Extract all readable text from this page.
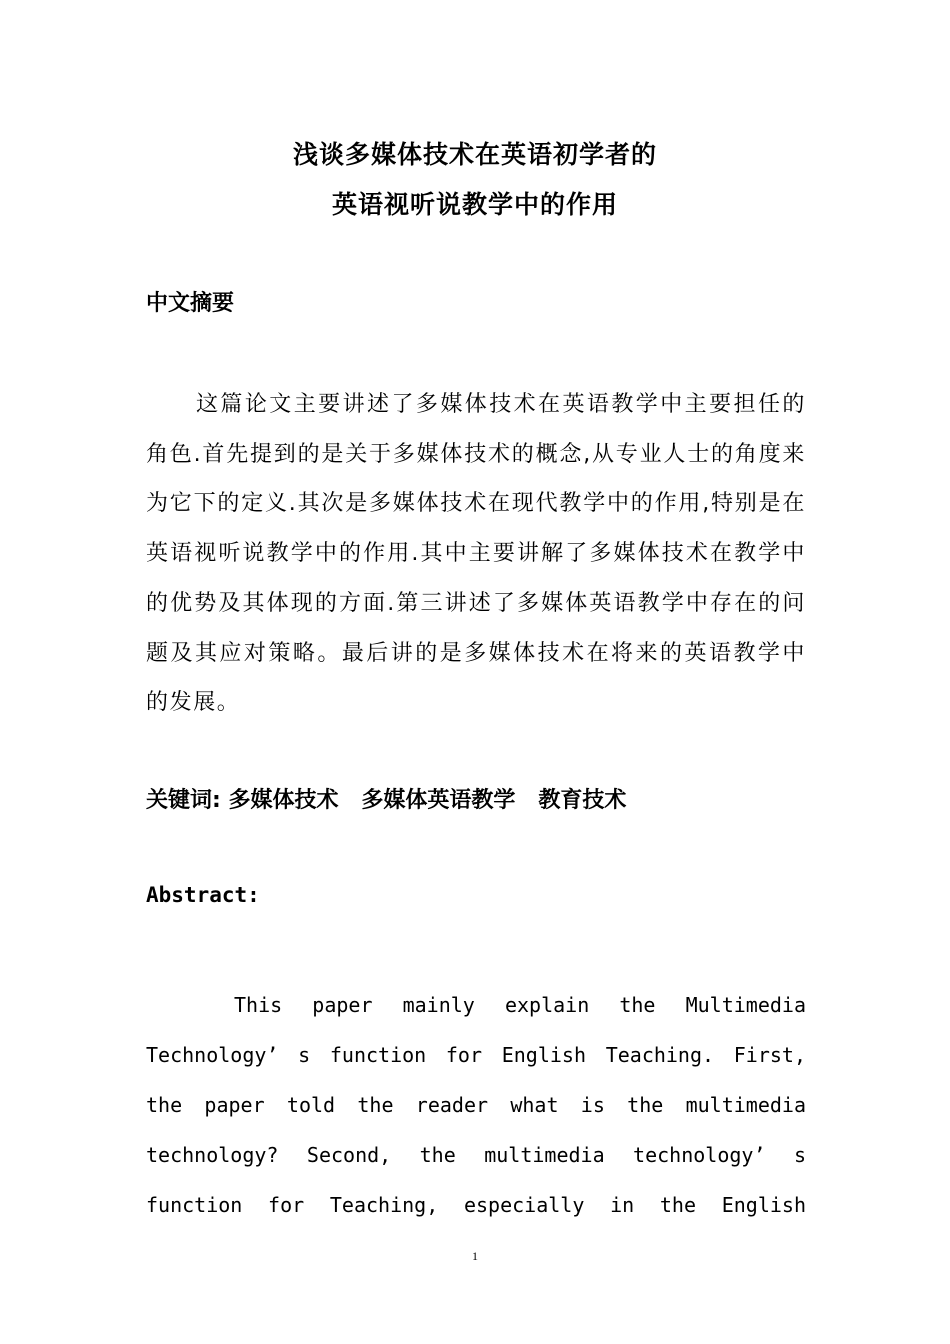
浅谈多媒体技术在英语初学者的
英语视听说教学中的作用
中文摘要
这篇论文主要讲述了多媒体技术在英语教学中主要担任的角色.首先提到的是关于多媒体技术的概念,从专业人士的角度来为它下的定义.其次是多媒体技术在现代教学中的作用,特别是在英语视听说教学中的作用.其中主要讲解了多媒体技术在教学中的优势及其体现的方面.第三讲述了多媒体英语教学中存在的问题及其应对策略。最后讲的是多媒体技术在将来的英语教学中的发展。
关键词: 多媒体技术   多媒体英语教学   教育技术
Abstract:
This paper mainly explain the Multimedia Technology’ s function for English Teaching. First, the paper told the reader what is the multimedia technology? Second, the multimedia technology’ s function for Teaching, especially in the English
1
